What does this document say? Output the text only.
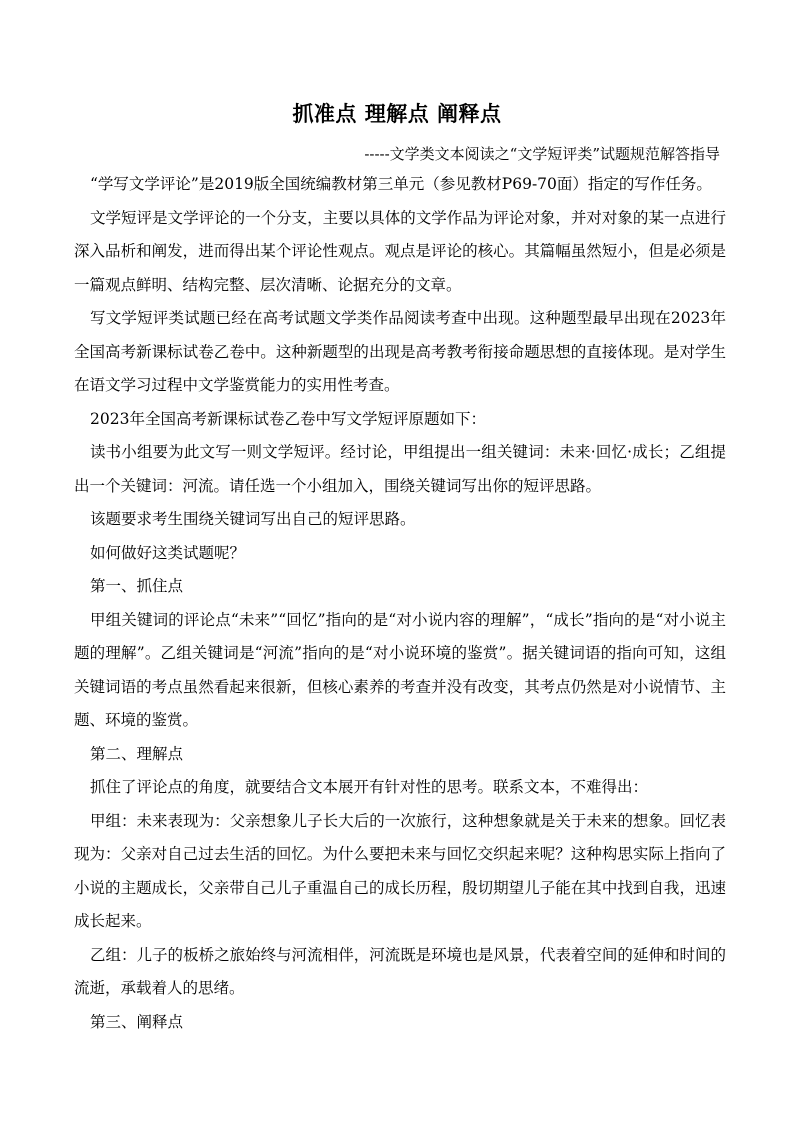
抓准点 理解点 阐释点
-----文学类文本阅读之“文学短评类”试题规范解答指导

“学写文学评论”是2019版全国统编教材第三单元（参见教材P69-70面）指定的写作任务。

文学短评是文学评论的一个分支，主要以具体的文学作品为评论对象，并对对象的某一点进行深入品析和阐发，进而得出某个评论性观点。观点是评论的核心。其篇幅虽然短小，但是必须是一篇观点鲜明、结构完整、层次清晰、论据充分的文章。

写文学短评类试题已经在高考试题文学类作品阅读考查中出现。这种题型最早出现在2023年全国高考新课标试卷乙卷中。这种新题型的出现是高考教考衔接命题思想的直接体现。是对学生在语文学习过程中文学鉴赏能力的实用性考查。

2023年全国高考新课标试卷乙卷中写文学短评原题如下：

读书小组要为此文写一则文学短评。经讨论，甲组提出一组关键词：未来·回忆·成长；乙组提出一个关键词：河流。请任选一个小组加入，围绕关键词写出你的短评思路。

该题要求考生围绕关键词写出自己的短评思路。

如何做好这类试题呢？

第一、抓住点

甲组关键词的评论点“未来”“回忆”指向的是“对小说内容的理解”，“成长”指向的是“对小说主题的理解”。乙组关键词是“河流”指向的是“对小说环境的鉴赏”。据关键词语的指向可知，这组关键词语的考点虽然看起来很新，但核心素养的考查并没有改变，其考点仍然是对小说情节、主题、环境的鉴赏。

第二、理解点

抓住了评论点的角度，就要结合文本展开有针对性的思考。联系文本，不难得出：

甲组：未来表现为：父亲想象儿子长大后的一次旅行，这种想象就是关于未来的想象。回忆表现为：父亲对自己过去生活的回忆。为什么要把未来与回忆交织起来呢？这种构思实际上指向了小说的主题成长，父亲带自己儿子重温自己的成长历程，殷切期望儿子能在其中找到自我，迅速成长起来。

乙组：儿子的板桥之旅始终与河流相伴，河流既是环境也是风景，代表着空间的延伸和时间的流逝，承载着人的思绪。

第三、阐释点
